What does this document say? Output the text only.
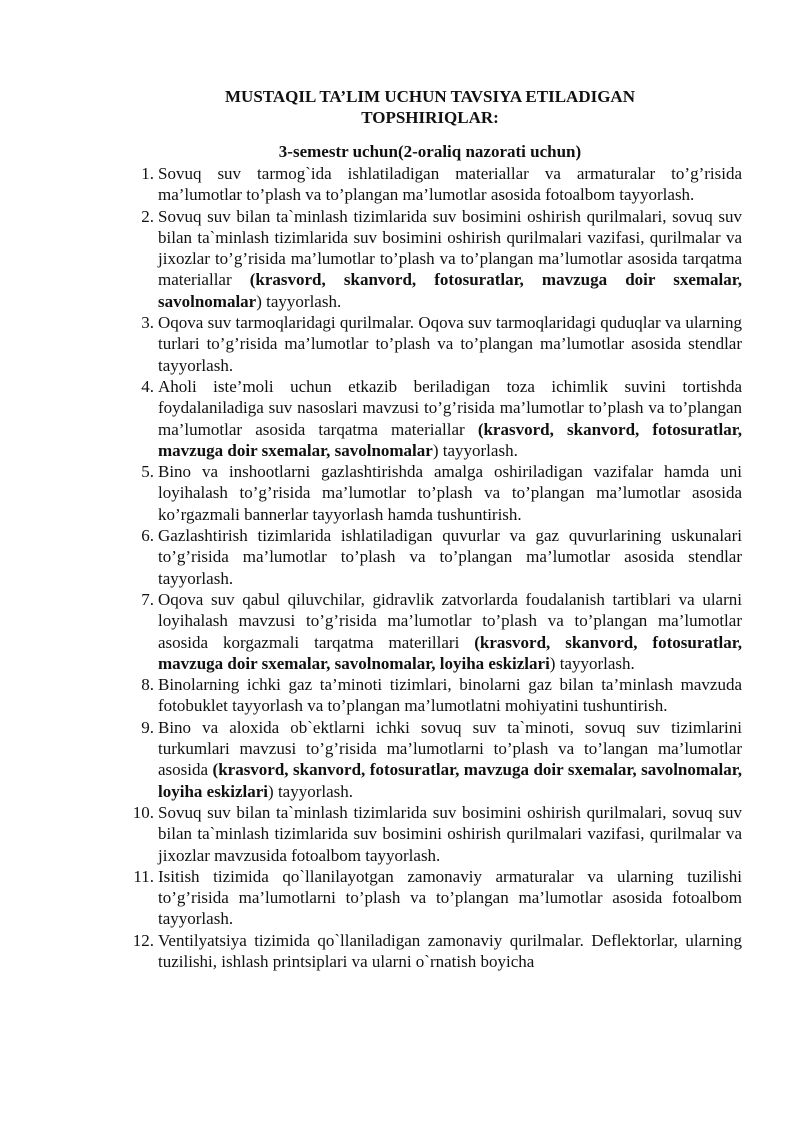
MUSTAQIL TA’LIM UCHUN TAVSIYA ETILADIGAN
TOPSHIRIQLAR:
3-semestr uchun(2-oraliq nazorati uchun)

1. Sovuq suv tarmog`ida ishlatiladigan materiallar va armaturalar to’g’risida ma’lumotlar to’plash va to’plangan ma’lumotlar asosida fotoalbom tayyorlash.

2. Sovuq suv bilan ta`minlash tizimlarida suv bosimini oshirish qurilmalari, sovuq suv bilan ta`minlash tizimlarida suv bosimini oshirish qurilmalari vazifasi, qurilmalar va jixozlar to’g’risida ma’lumotlar to’plash va to’plangan ma’lumotlar asosida tarqatma materiallar (krasvord, skanvord, fotosuratlar, mavzuga doir sxemalar, savolnomalar) tayyorlash.

3. Oqova suv tarmoqlaridagi qurilmalar. Oqova suv tarmoqlaridagi quduqlar va ularning turlari to’g’risida ma’lumotlar to’plash va to’plangan ma’lumotlar asosida stendlar tayyorlash.

4. Aholi iste’moli uchun etkazib beriladigan toza ichimlik suvini tortishda foydalaniladiga suv nasoslari mavzusi to’g’risida ma’lumotlar to’plash va to’plangan ma’lumotlar asosida tarqatma materiallar (krasvord, skanvord, fotosuratlar, mavzuga doir sxemalar, savolnomalar) tayyorlash.

5. Bino va inshootlarni gazlashtirishda amalga oshiriladigan vazifalar hamda uni loyihalash to’g’risida ma’lumotlar to’plash va to’plangan ma’lumotlar asosida ko’rgazmali bannerlar tayyorlash hamda tushuntirish.

6. Gazlashtirish tizimlarida ishlatiladigan quvurlar va gaz quvurlarining uskunalari to’g’risida ma’lumotlar to’plash va to’plangan ma’lumotlar asosida stendlar tayyorlash.

7. Oqova suv qabul qiluvchilar, gidravlik zatvorlarda foudalanish tartiblari va ularni loyihalash mavzusi to’g’risida ma’lumotlar to’plash va to’plangan ma’lumotlar asosida korgazmali tarqatma materillari (krasvord, skanvord, fotosuratlar, mavzuga doir sxemalar, savolnomalar, loyiha eskizlari) tayyorlash.

8. Binolarning ichki gaz ta’minoti tizimlari, binolarni gaz bilan ta’minlash mavzuda fotobuklet tayyorlash va to’plangan ma’lumotlatni mohiyatini tushuntirish.

9. Bino va aloxida ob`ektlarni ichki sovuq suv ta`minoti, sovuq suv tizimlarini turkumlari mavzusi to’g’risida ma’lumotlarni to’plash va to’langan ma’lumotlar asosida (krasvord, skanvord, fotosuratlar, mavzuga doir sxemalar, savolnomalar, loyiha eskizlari) tayyorlash.

10. Sovuq suv bilan ta`minlash tizimlarida suv bosimini oshirish qurilmalari, sovuq suv bilan ta`minlash tizimlarida suv bosimini oshirish qurilmalari vazifasi, qurilmalar va jixozlar mavzusida fotoalbom tayyorlash.

11. Isitish tizimida qo`llanilayotgan zamonaviy armaturalar va ularning tuzilishi to’g’risida ma’lumotlarni to’plash va to’plangan ma’lumotlar asosida fotoalbom tayyorlash.

12. Ventilyatsiya tizimida qo`llaniladigan zamonaviy qurilmalar. Deflektorlar, ularning tuzilishi, ishlash printsiplari va ularni o`rnatish boyicha
